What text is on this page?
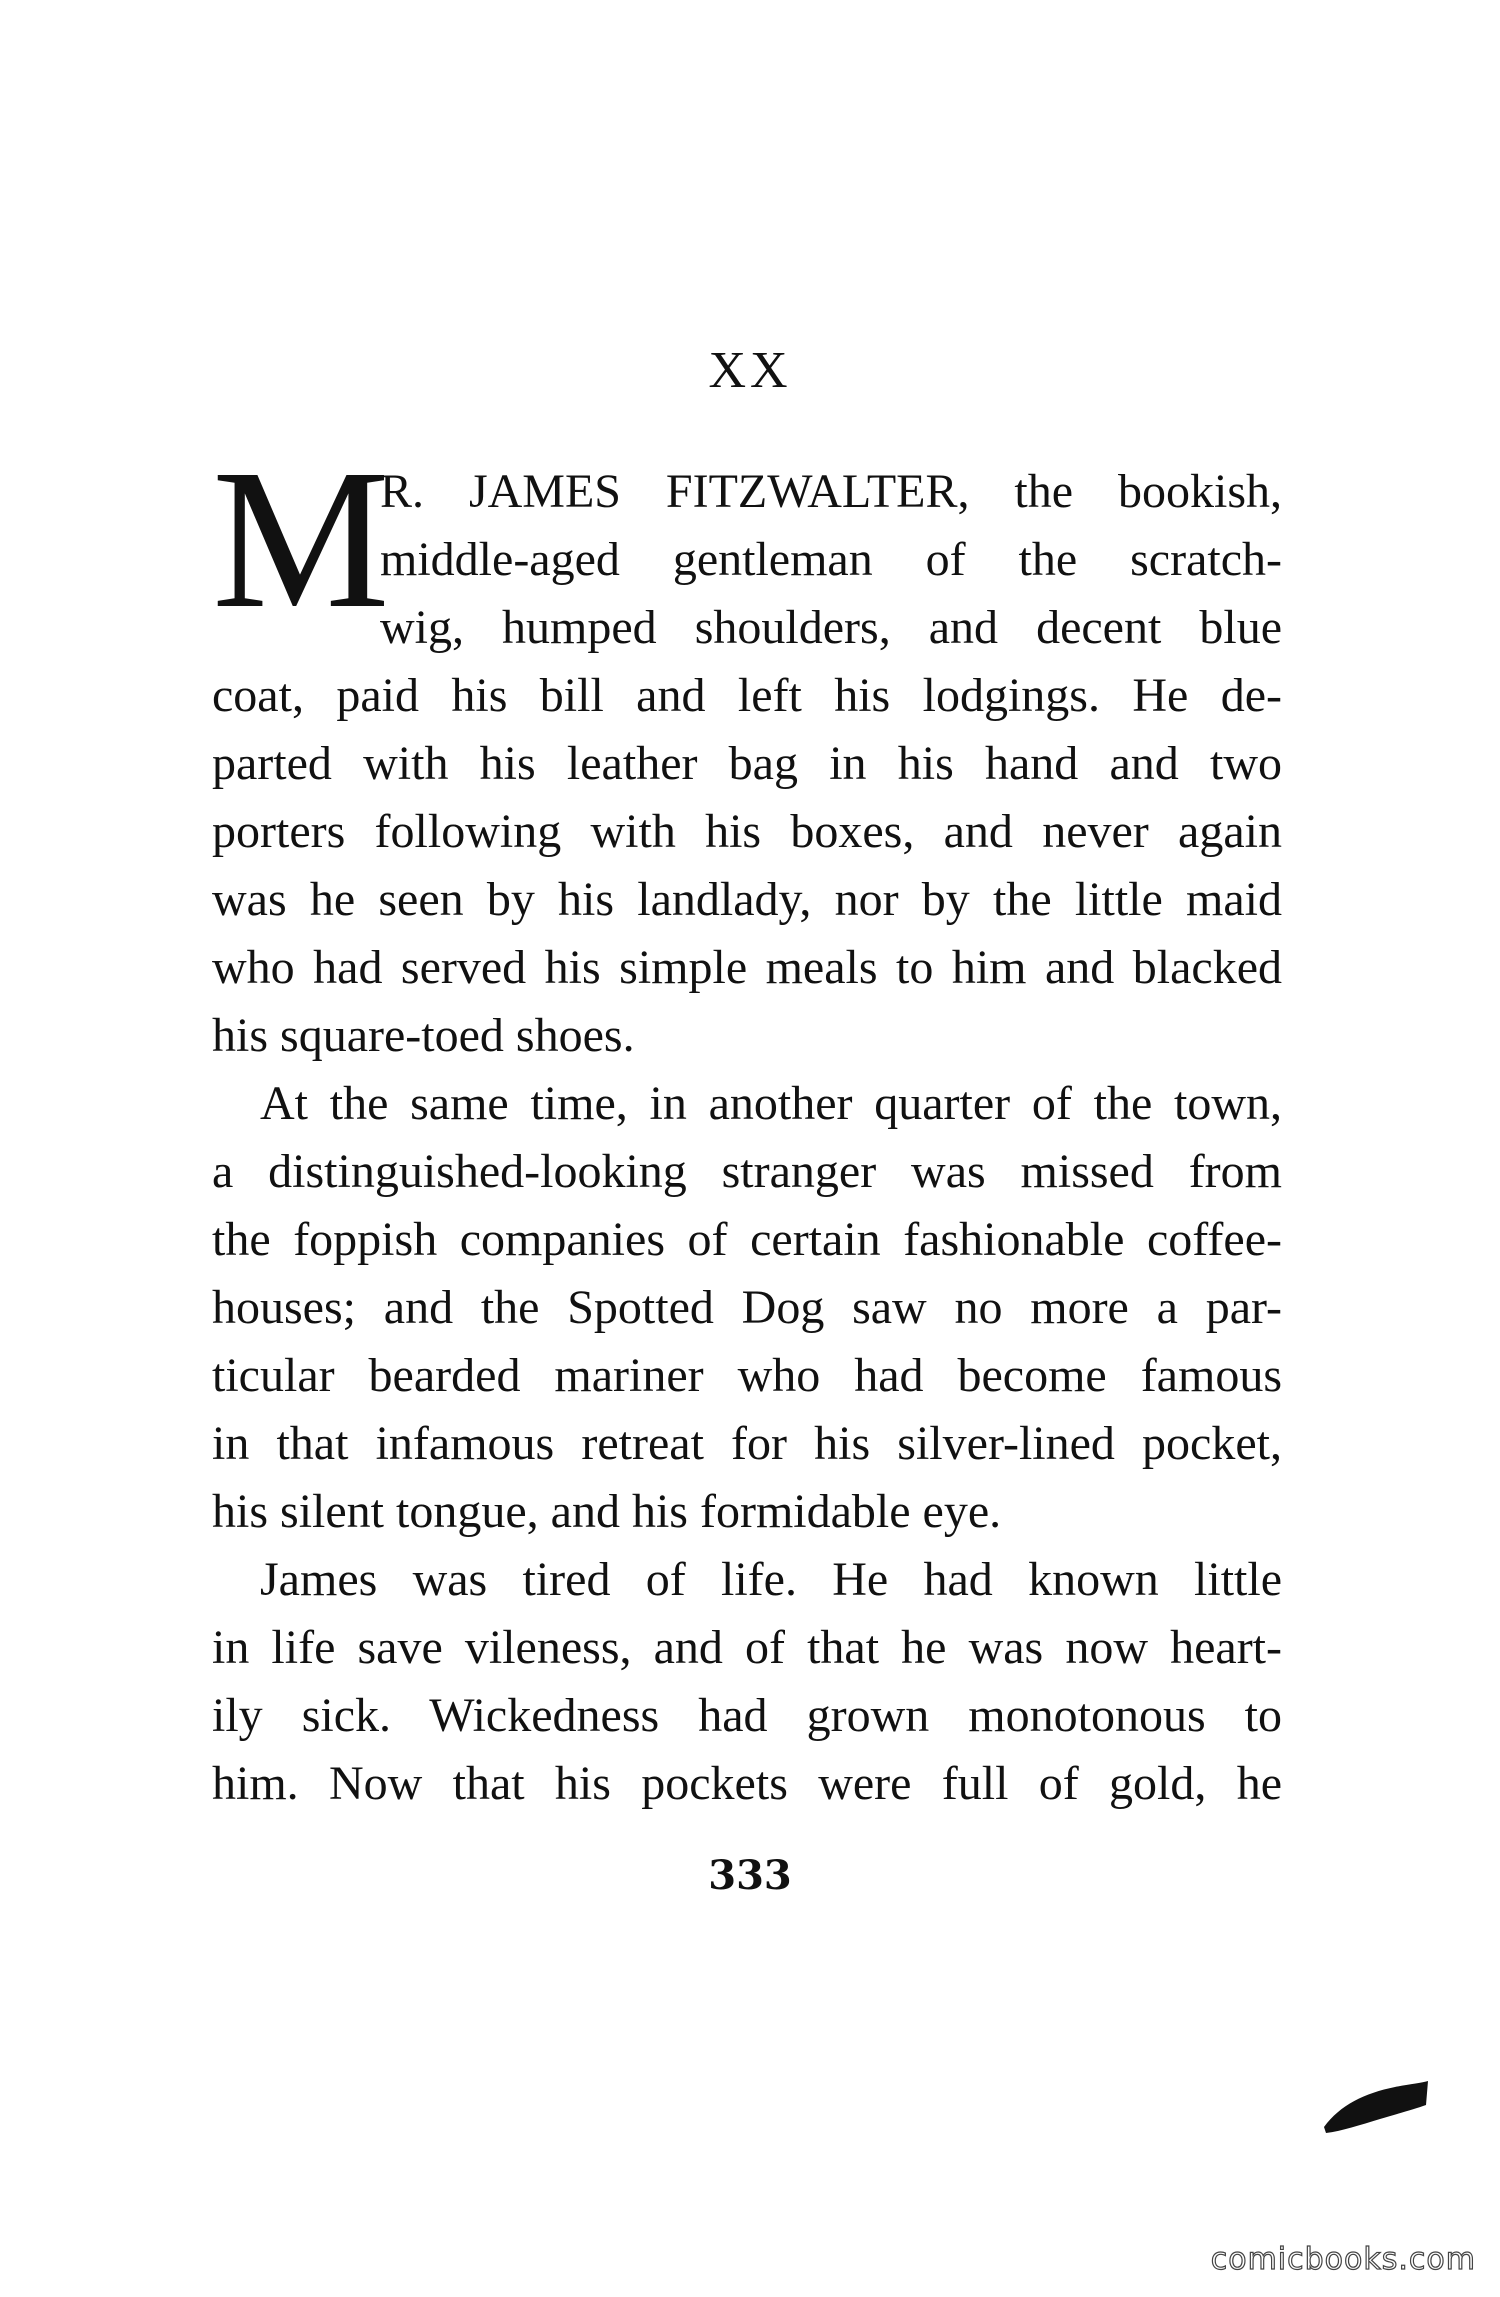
XX
M
R. JAMES FITZWALTER, the bookish,
middle-aged gentleman of the scratch-
wig, humped shoulders, and decent blue
coat, paid his bill and left his lodgings. He de-
parted with his leather bag in his hand and two
porters following with his boxes, and never again
was he seen by his landlady, nor by the little maid
who had served his simple meals to him and blacked
his square-toed shoes.
At the same time, in another quarter of the town,
a distinguished-looking stranger was missed from
the foppish companies of certain fashionable coffee-
houses; and the Spotted Dog saw no more a par-
ticular bearded mariner who had become famous
in that infamous retreat for his silver-lined pocket,
his silent tongue, and his formidable eye.
James was tired of life. He had known little
in life save vileness, and of that he was now heart-
ily sick. Wickedness had grown monotonous to
him. Now that his pockets were full of gold, he
333
comicbooks.com
